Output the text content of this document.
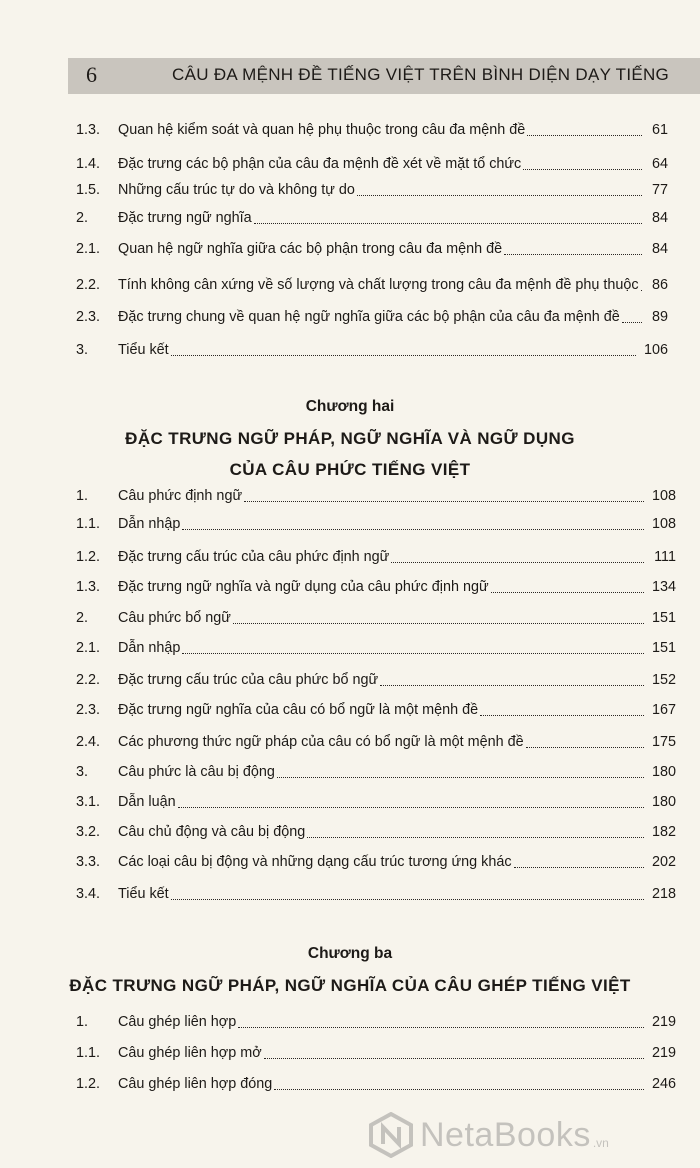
6	CÂU ĐA MỆNH ĐỀ TIẾNG VIỆT TRÊN BÌNH DIỆN DẠY TIẾNG
1.3. Quan hệ kiểm soát và quan hệ phụ thuộc trong câu đa mệnh đề	61
1.4. Đặc trưng các bộ phận của câu đa mệnh đề xét về mặt tổ chức	64
1.5. Những cấu trúc tự do và không tự do	77
2. Đặc trưng ngữ nghĩa	84
2.1. Quan hệ ngữ nghĩa giữa các bộ phận trong câu đa mệnh đề	84
2.2. Tính không cân xứng về số lượng và chất lượng trong câu đa mệnh đề phụ thuộc 86
2.3. Đặc trưng chung về quan hệ ngữ nghĩa giữa các bộ phận của câu đa mệnh đề 89
3. Tiểu kết	106
Chương hai
ĐẶC TRƯNG NGỮ PHÁP, NGỮ NGHĨA VÀ NGỮ DỤNG
CỦA CÂU PHỨC TIẾNG VIỆT
1. Câu phức định ngữ	108
1.1. Dẫn nhập	108
1.2. Đặc trưng cấu trúc của câu phức định ngữ	111
1.3. Đặc trưng ngữ nghĩa và ngữ dụng của câu phức định ngữ	134
2. Câu phức bổ ngữ	151
2.1. Dẫn nhập	151
2.2. Đặc trưng cấu trúc của câu phức bổ ngữ	152
2.3. Đặc trưng ngữ nghĩa của câu có bổ ngữ là một mệnh đề	167
2.4. Các phương thức ngữ pháp của câu có bổ ngữ là một mệnh đề	175
3. Câu phức là câu bị động	180
3.1. Dẫn luận	180
3.2. Câu chủ động và câu bị động	182
3.3. Các loại câu bị động và những dạng cấu trúc tương ứng khác	202
3.4. Tiểu kết	218
Chương ba
ĐẶC TRƯNG NGỮ PHÁP, NGỮ NGHĨA CỦA CÂU GHÉP TIẾNG VIỆT
1. Câu ghép liên hợp	219
1.1. Câu ghép liên hợp mở	219
1.2. Câu ghép liên hợp đóng	246
NetaBooks .vn
